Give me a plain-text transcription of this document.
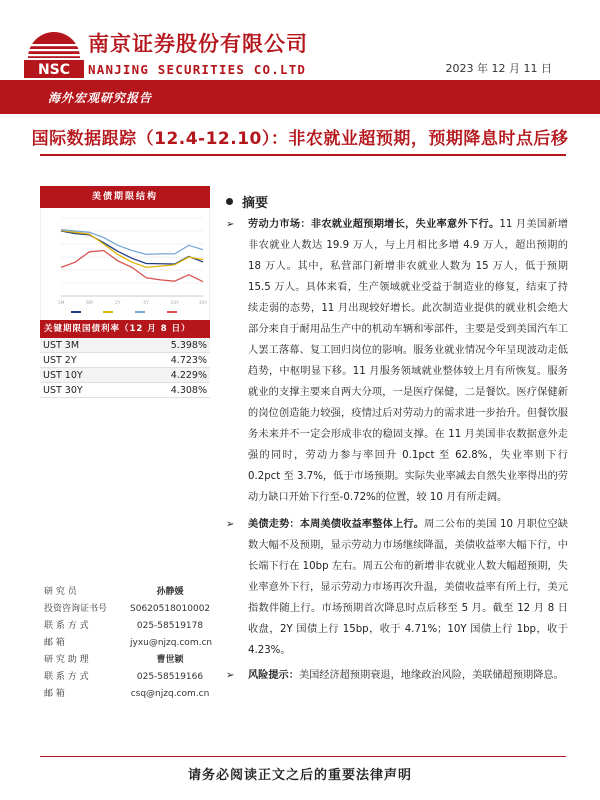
NSC
南京证券股份有限公司
NANJING SECURITIES CO.LTD	2023 年 12 月 11 日
海外宏观研究报告
国际数据跟踪（12.4-12.10）：非农就业超预期，预期降息时点后移
美债期限结构
1M	6M	2Y	5Y	10Y	30Y
关键期限国债利率（12 月 8 日）
UST 3M	5.398%
UST 2Y	4.723%
UST 10Y	4.229%
UST 30Y	4.308%
研 究 员	孙静媛
投资咨询证书号	S0620518010002
联 系 方 式	025-58519178
邮 箱	jyxu@njzq.com.cn
研 究 助 理	曹世颖
联 系 方 式	025-58519166
邮 箱	csq@njzq.com.cn
摘要

➢ 劳动力市场：非农就业超预期增长，失业率意外下行。11 月美国新增非农就业人数达 19.9 万人，与上月相比多增 4.9 万人，超出预期的 18 万人。其中，私营部门新增非农就业人数为 15 万人，低于预期 15.5 万人。具体来看，生产领域就业受益于制造业的修复，结束了持续走弱的态势，11 月出现较好增长。此次制造业提供的就业机会绝大部分来自于耐用品生产中的机动车辆和零部件，主要是受到美国汽车工人罢工落幕、复工回归岗位的影响。服务业就业情况今年呈现波动走低趋势，中枢明显下移。11 月服务领域就业整体较上月有所恢复。服务就业的支撑主要来自两大分项，一是医疗保健，二是餐饮。医疗保健新的岗位创造能力较强，疫情过后对劳动力的需求进一步抬升。但餐饮服务未来并不一定会形成非农的稳固支撑。在 11 月美国非农数据意外走强的同时，劳动力参与率回升 0.1pct 至 62.8%，失业率则下行 0.2pct 至 3.7%，低于市场预期。实际失业率减去自然失业率得出的劳动力缺口开始下行至-0.72%的位置，较 10 月有所走阔。

➢ 美债走势：本周美债收益率整体上行。周二公布的美国 10 月职位空缺数大幅不及预期，显示劳动力市场继续降温，美债收益率大幅下行，中长端下行在 10bp 左右。周五公布的新增非农就业人数大幅超预期，失业率意外下行，显示劳动力市场再次升温，美债收益率有所上行，美元指数伴随上行。市场预期首次降息时点后移至 5 月。截至 12 月 8 日收盘，2Y 国债上行 15bp，收于 4.71%；10Y 国债上行 1bp，收于 4.23%。

➢ 风险提示：美国经济超预期衰退，地缘政治风险，美联储超预期降息。

请务必阅读正文之后的重要法律声明
